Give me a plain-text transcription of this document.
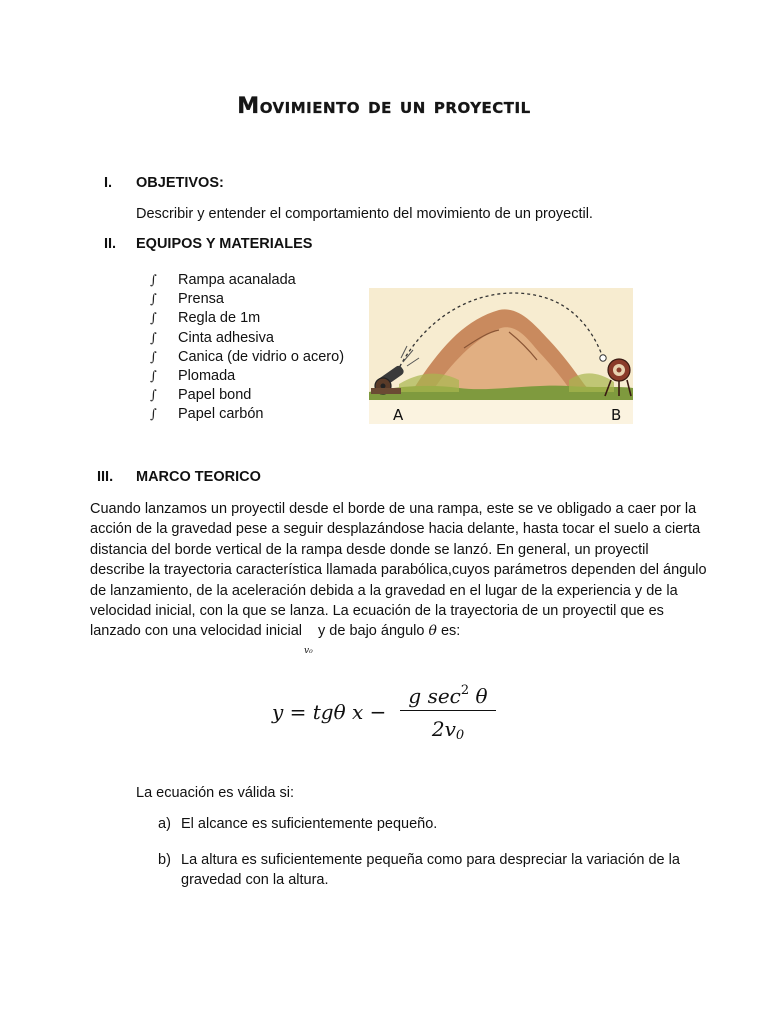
Movimiento de un proyectil
I. OBJETIVOS:
Describir y entender el comportamiento del movimiento de un proyectil.
II. EQUIPOS Y MATERIALES
∫	Rampa acanalada
∫	Prensa
∫	Regla de 1m
∫	Cinta adhesiva
∫	Canica (de vidrio o acero)
∫	Plomada
∫	Papel bond
∫	Papel carbón	A	B
III. MARCO TEORICO
Cuando lanzamos un proyectil desde el borde de una rampa, este se ve obligado a caer por la
acción de la gravedad pese a seguir desplazándose hacia delante, hasta tocar el suelo a cierta
distancia del borde vertical de la rampa desde donde se lanzó. En general, un proyectil
describe la trayectoria característica llamada parabólica,cuyos parámetros dependen del ángulo
de lanzamiento, de la aceleración debida a la gravedad en el lugar de la experiencia y de la
velocidad inicial, con la que se lanza. La ecuación de la trayectoria de un proyectil que es
lanzado con una velocidad inicial
v₀
y de bajo ángulo θ es:
y = tgθ x −
g $\sec^2 \theta$
$2v_0$
La ecuación es válida si:
a) El alcance es suficientemente pequeño.
b) La altura es suficientemente pequeña como para despreciar la variación de la
gravedad con la altura.
